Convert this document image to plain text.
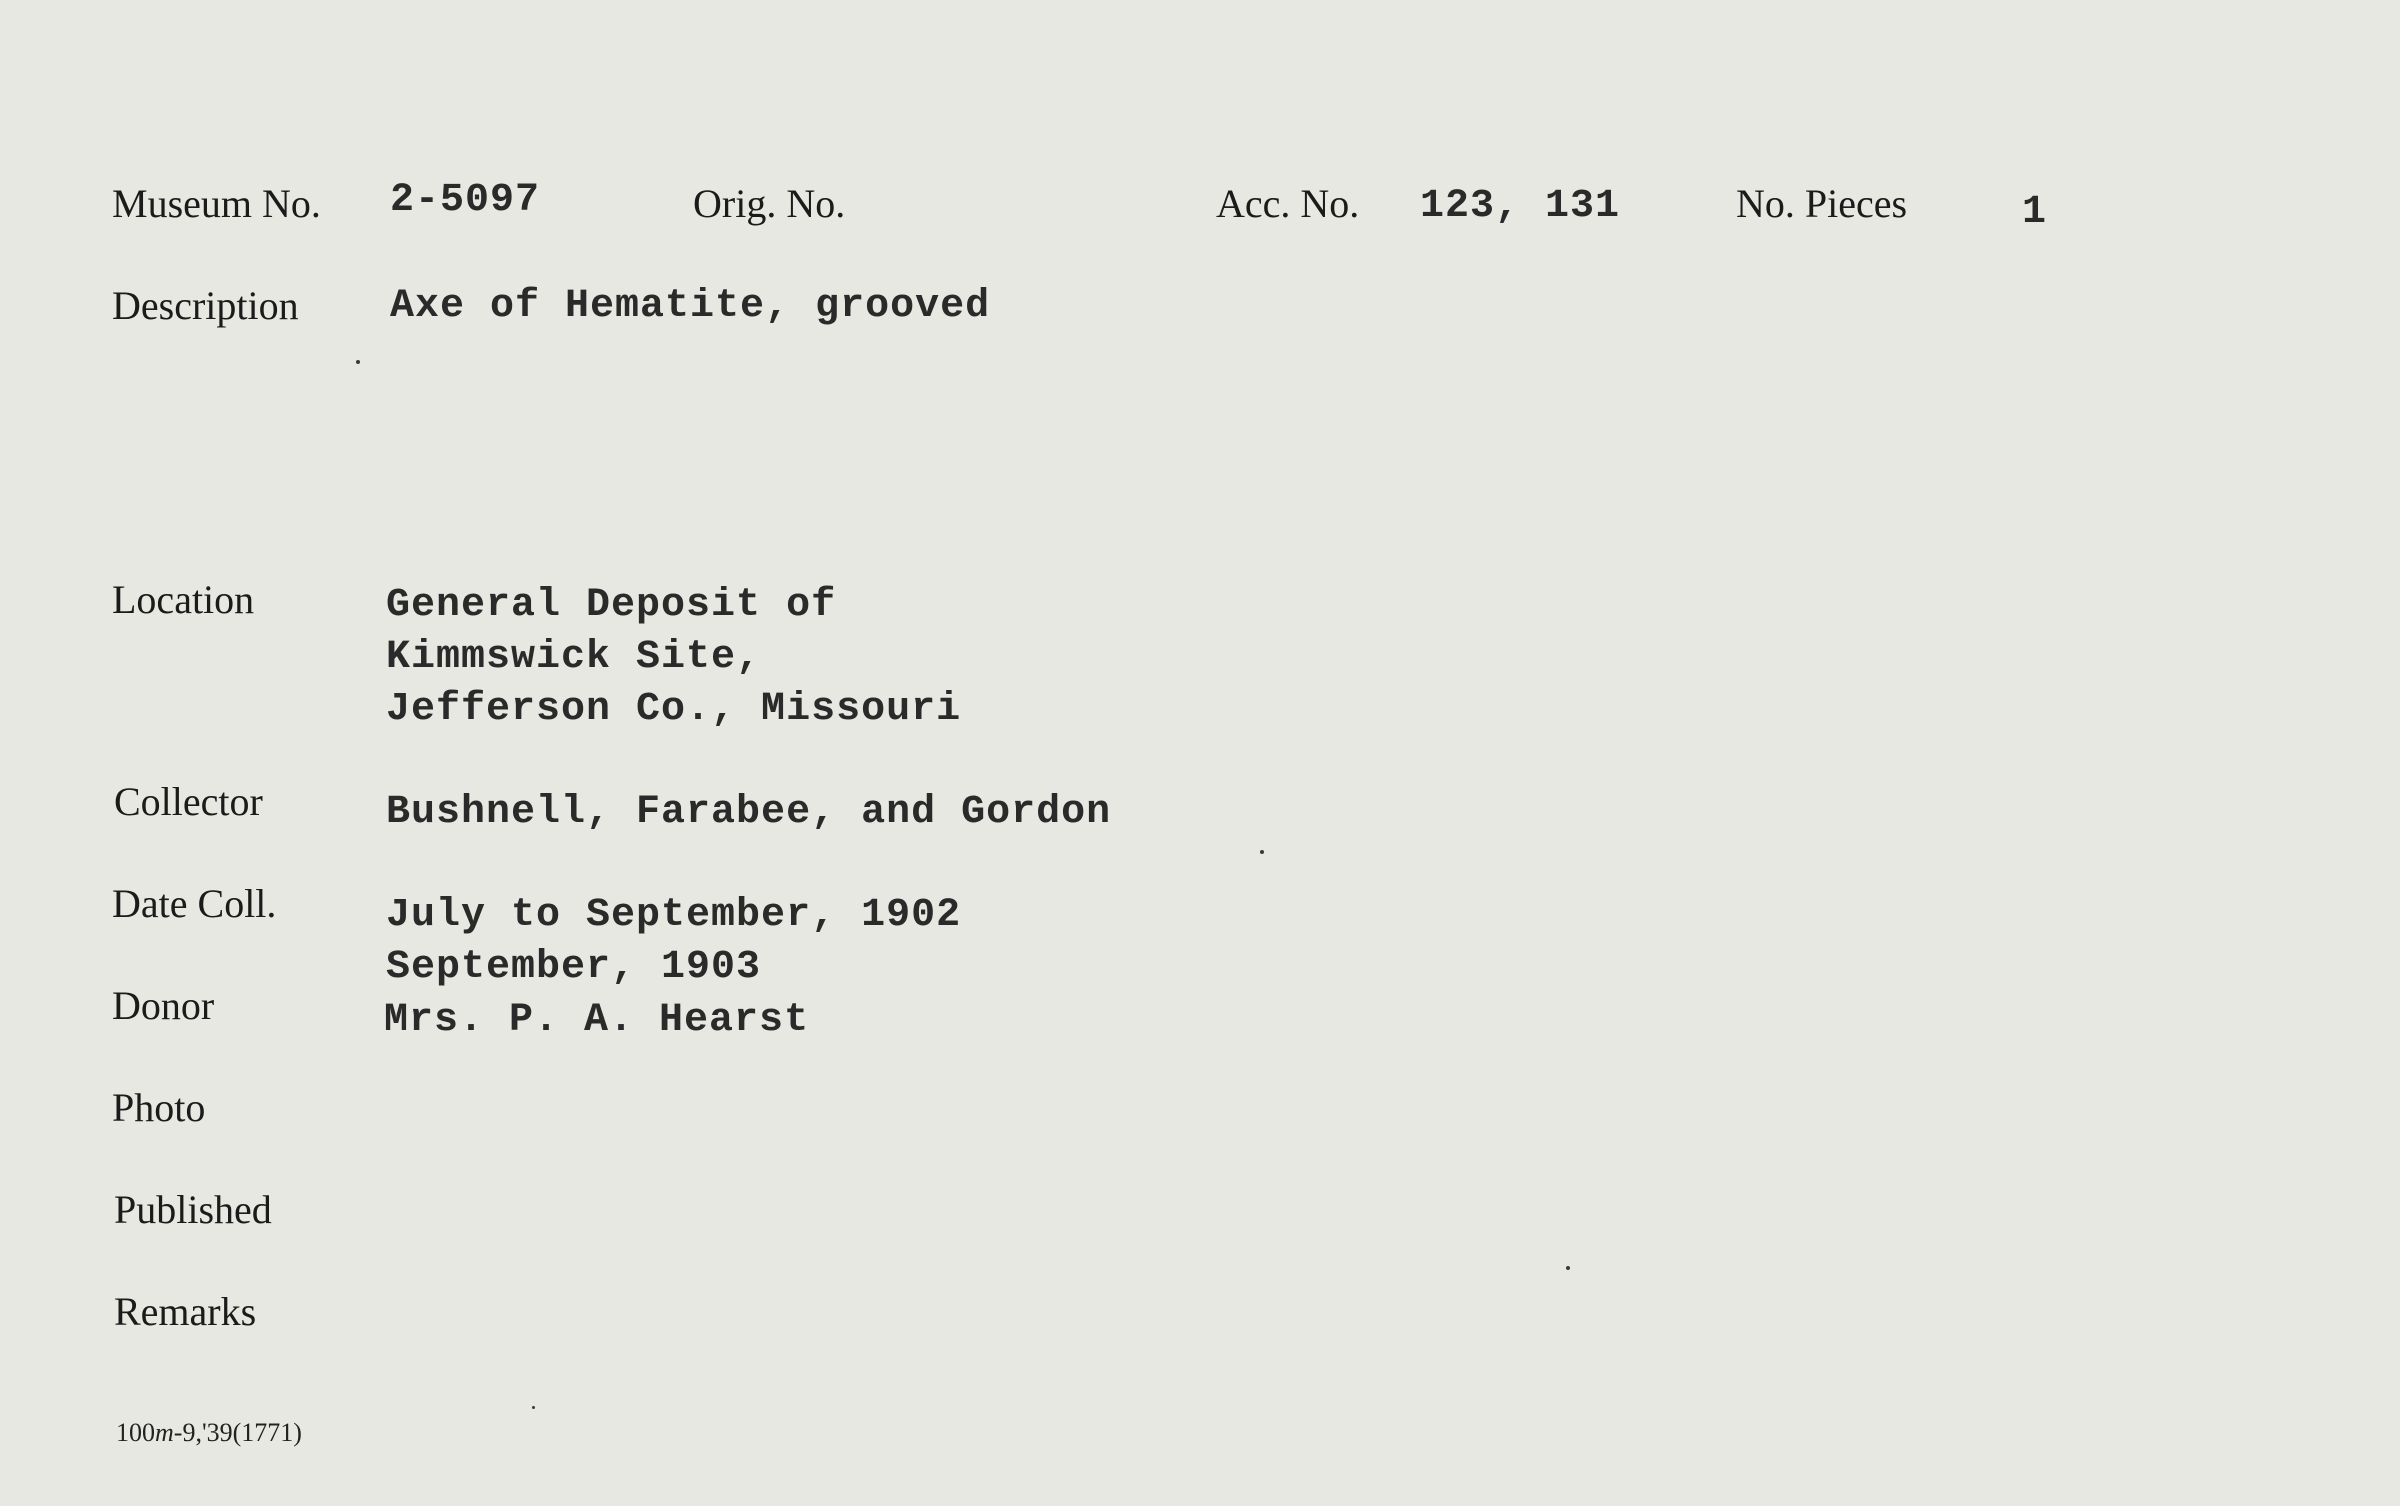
Museum No. 2-5097	Orig. No.	Acc. No. 123, 131	No. Pieces	1
Description Axe of Hematite, grooved
Location	General Deposit of
Kimmswick Site,
Jefferson Co., Missouri
Collector	Bushnell, Farabee, and Gordon
Date Coll.	July to September, 1902
September, 1903
Donor	Mrs. P. A. Hearst
Photo
Published
Remarks
100m-9,'39(1771)
